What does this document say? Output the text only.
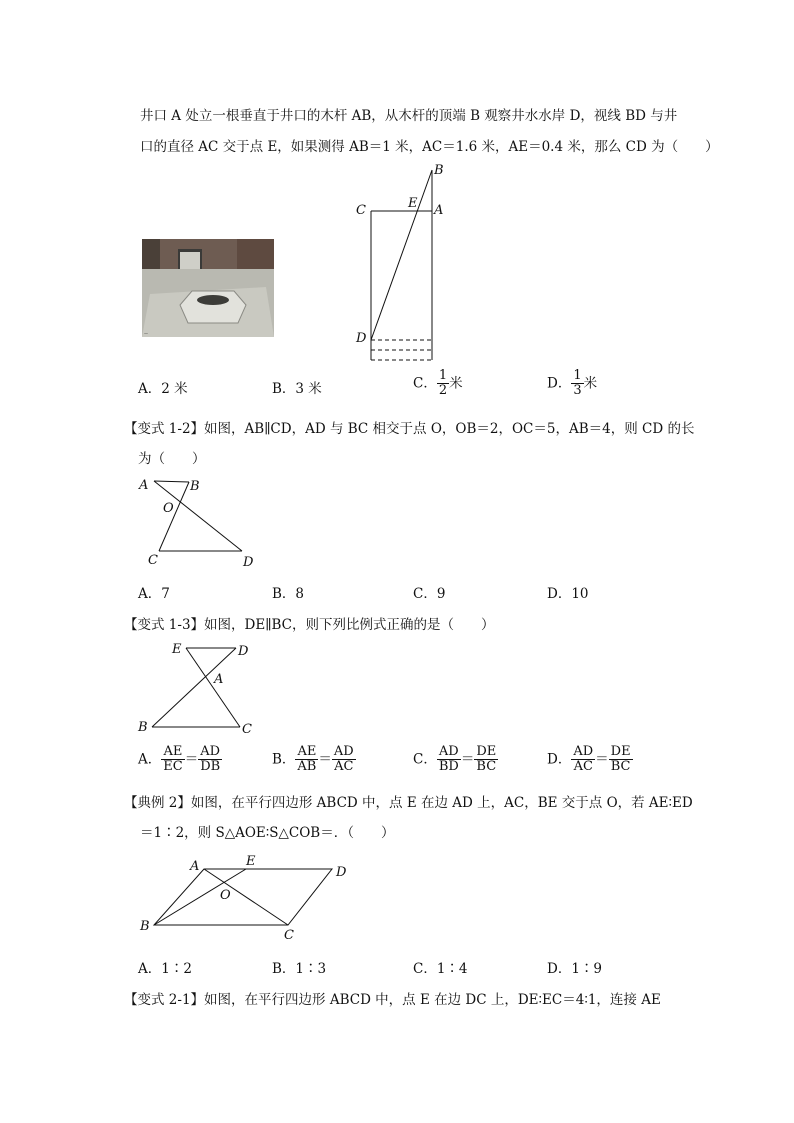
井口 A 处立一根垂直于井口的木杆 AB，从木杆的顶端 B 观察井水水岸 D，视线 BD 与井
口的直径 AC 交于点 E，如果测得 AB＝1 米，AC＝1.6 米，AE＝0.4 米，那么 CD 为（　　）
—
B
C	E A
D
A．2 米	B．3 米	C． $\frac{1}{2}$ 米	D． $\frac{1}{3}$ 米
【变式 1-2】如图，AB∥CD，AD 与 BC 相交于点 O，OB＝2，OC＝5，AB＝4，则 CD 的长
为（　　）
A	B
O
C	D
A．7	B．8	C．9	D．10
【变式 1-3】如图，DE∥BC，则下列比例式正确的是（　　）
E	D
A
B	C
A． $\frac{AE}{EC} = \frac{AD}{DB}$	B． $\frac{AE}{AB} = \frac{AD}{AC}$	C． $\frac{AD}{BD} = \frac{DE}{BC}$	D． $\frac{AD}{AC} = \frac{DE}{BC}$
【典例 2】如图，在平行四边形 ABCD 中，点 E 在边 AD 上，AC，BE 交于点 O，若 AE∶ED
＝1∶2，则 S△AOE∶S△COB＝．（　　）
A	E
D
O
B
C
A．1∶2	B．1∶3	C．1∶4	D．1∶9
【变式 2-1】如图，在平行四边形 ABCD 中，点 E 在边 DC 上，DE∶EC＝4∶1，连接 AE
